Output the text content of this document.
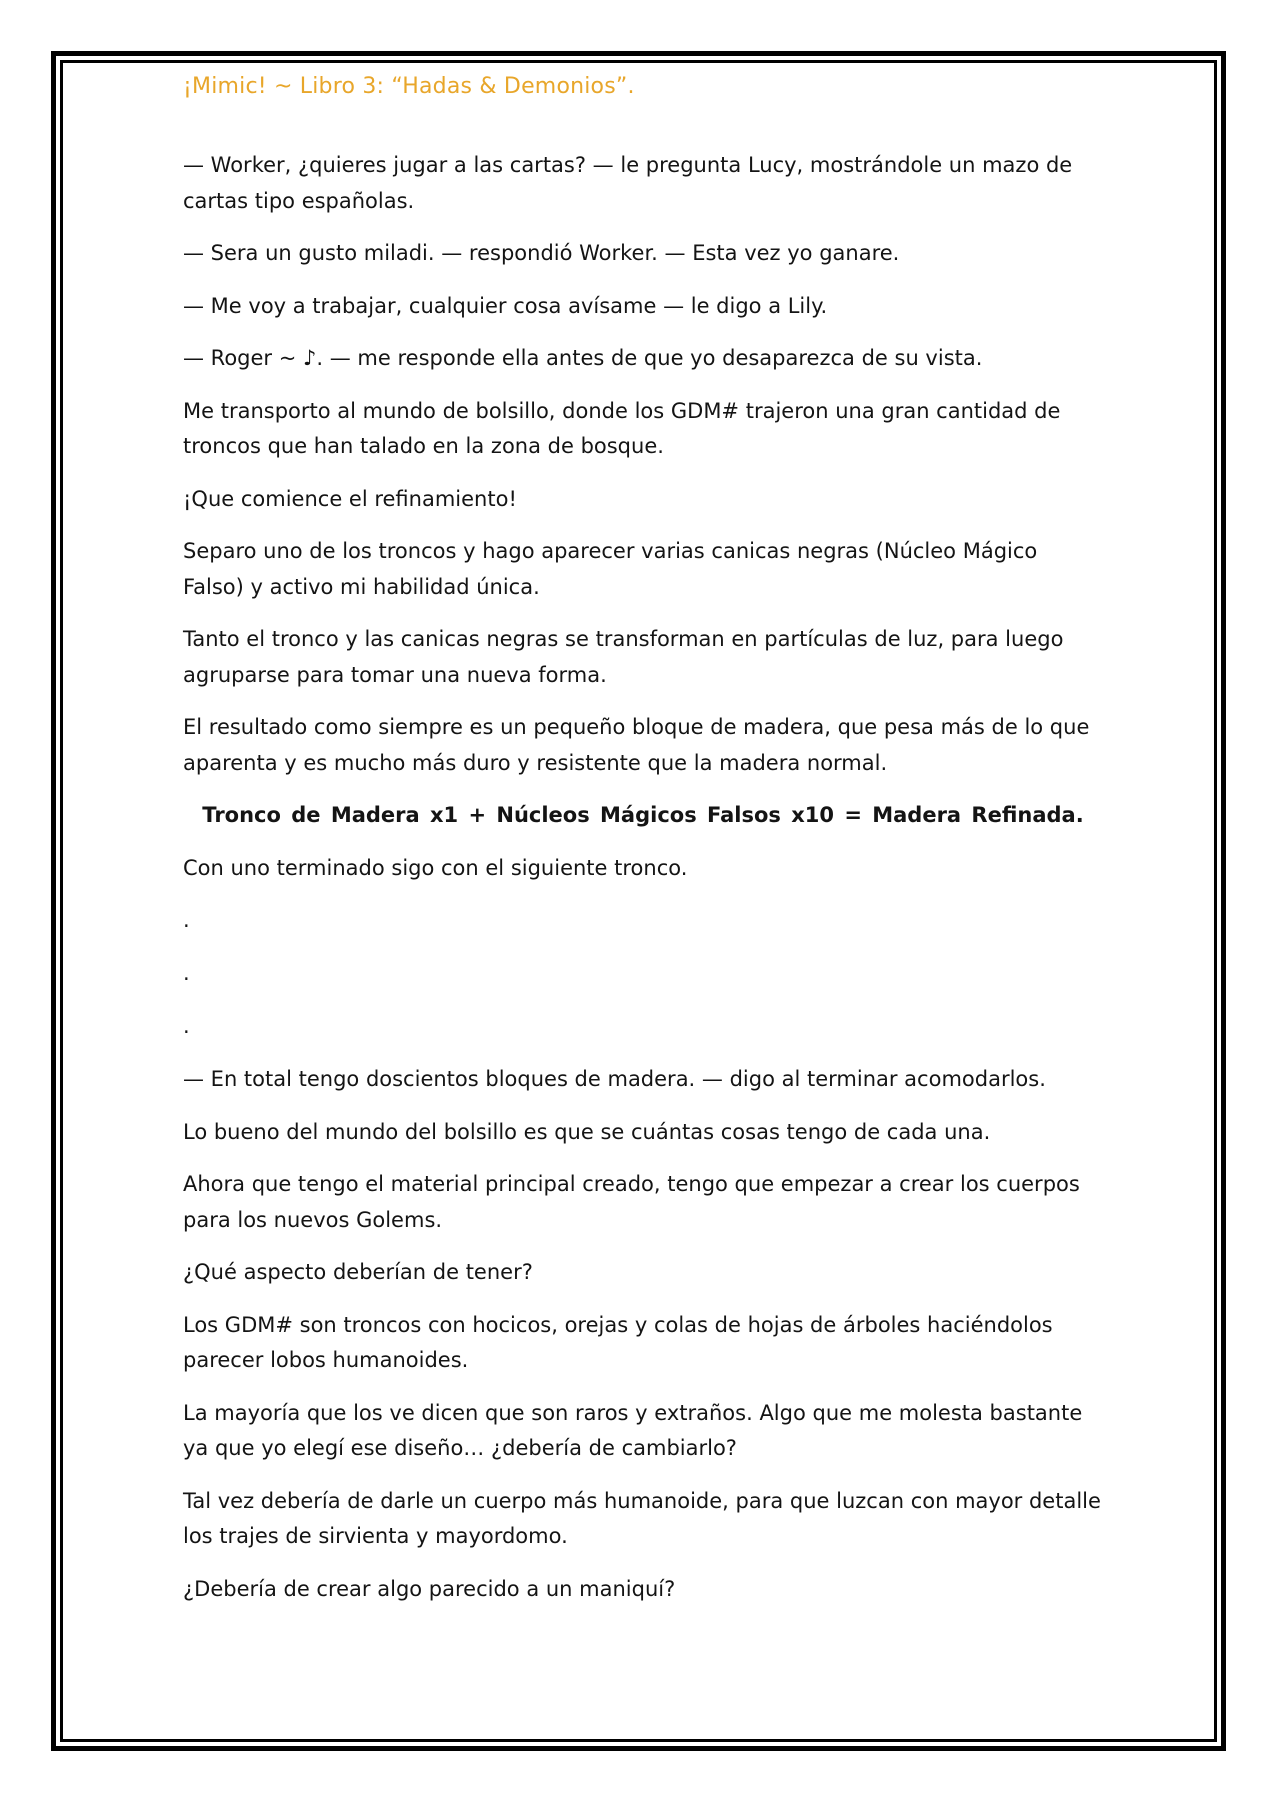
¡Mimic! ~ Libro 3: “Hadas & Demonios”.

— Worker, ¿quieres jugar a las cartas? — le pregunta Lucy, mostrándole un mazo de cartas tipo españolas.

— Sera un gusto miladi. — respondió Worker. — Esta vez yo ganare.

— Me voy a trabajar, cualquier cosa avísame — le digo a Lily.

— Roger ~ ♪. — me responde ella antes de que yo desaparezca de su vista.

Me transporto al mundo de bolsillo, donde los GDM# trajeron una gran cantidad de troncos que han talado en la zona de bosque.

¡Que comience el refinamiento!

Separo uno de los troncos y hago aparecer varias canicas negras (Núcleo Mágico Falso) y activo mi habilidad única.

Tanto el tronco y las canicas negras se transforman en partículas de luz, para luego agruparse para tomar una nueva forma.

El resultado como siempre es un pequeño bloque de madera, que pesa más de lo que aparenta y es mucho más duro y resistente que la madera normal.

Tronco de Madera x1 + Núcleos Mágicos Falsos x10 = Madera Refinada.

Con uno terminado sigo con el siguiente tronco.

.

.

.

— En total tengo doscientos bloques de madera. — digo al terminar acomodarlos.

Lo bueno del mundo del bolsillo es que se cuántas cosas tengo de cada una.

Ahora que tengo el material principal creado, tengo que empezar a crear los cuerpos para los nuevos Golems.

¿Qué aspecto deberían de tener?

Los GDM# son troncos con hocicos, orejas y colas de hojas de árboles haciéndolos parecer lobos humanoides.

La mayoría que los ve dicen que son raros y extraños. Algo que me molesta bastante ya que yo elegí ese diseño… ¿debería de cambiarlo?

Tal vez debería de darle un cuerpo más humanoide, para que luzcan con mayor detalle los trajes de sirvienta y mayordomo.

¿Debería de crear algo parecido a un maniquí?
